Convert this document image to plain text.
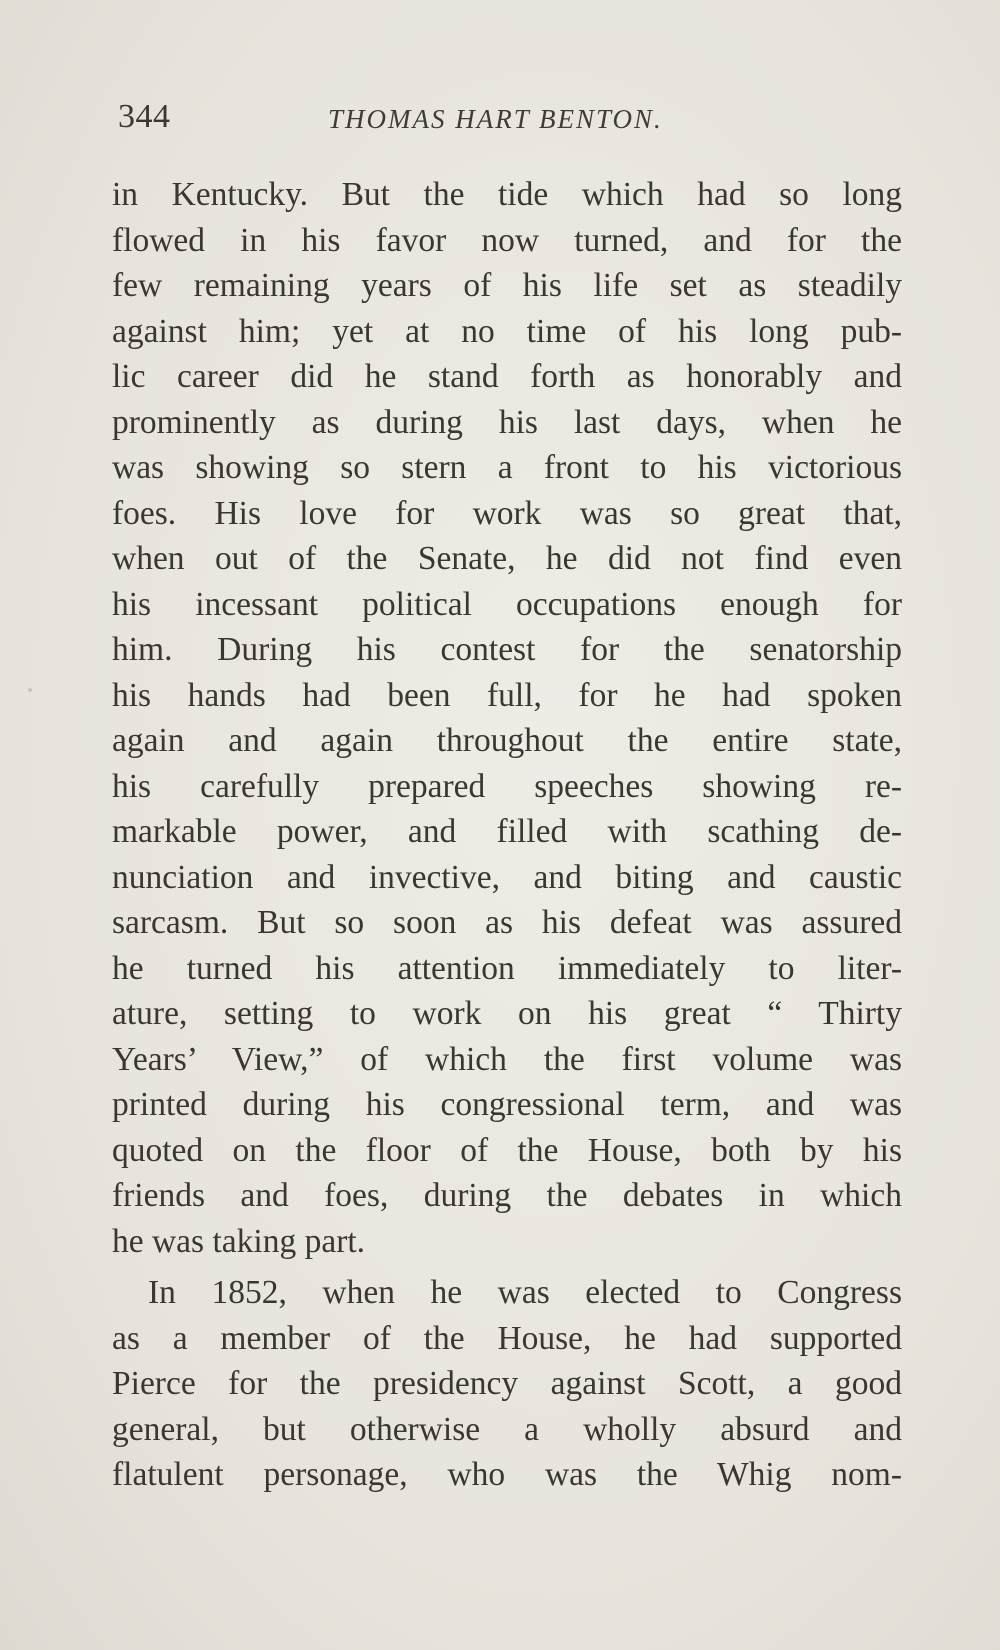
344	THOMAS HART BENTON.
in Kentucky. But the tide which had so long
flowed in his favor now turned, and for the
few remaining years of his life set as steadily
against him; yet at no time of his long pub-
lic career did he stand forth as honorably and
prominently as during his last days, when he
was showing so stern a front to his victorious
foes. His love for work was so great that,
when out of the Senate, he did not find even
his incessant political occupations enough for
him. During his contest for the senatorship
his hands had been full, for he had spoken
again and again throughout the entire state,
his carefully prepared speeches showing re-
markable power, and filled with scathing de-
nunciation and invective, and biting and caustic
sarcasm. But so soon as his defeat was assured
he turned his attention immediately to liter-
ature, setting to work on his great “ Thirty
Years’ View,” of which the first volume was
printed during his congressional term, and was
quoted on the floor of the House, both by his
friends and foes, during the debates in which
he was taking part.
In 1852, when he was elected to Congress
as a member of the House, he had supported
Pierce for the presidency against Scott, a good
general, but otherwise a wholly absurd and
flatulent personage, who was the Whig nom-
